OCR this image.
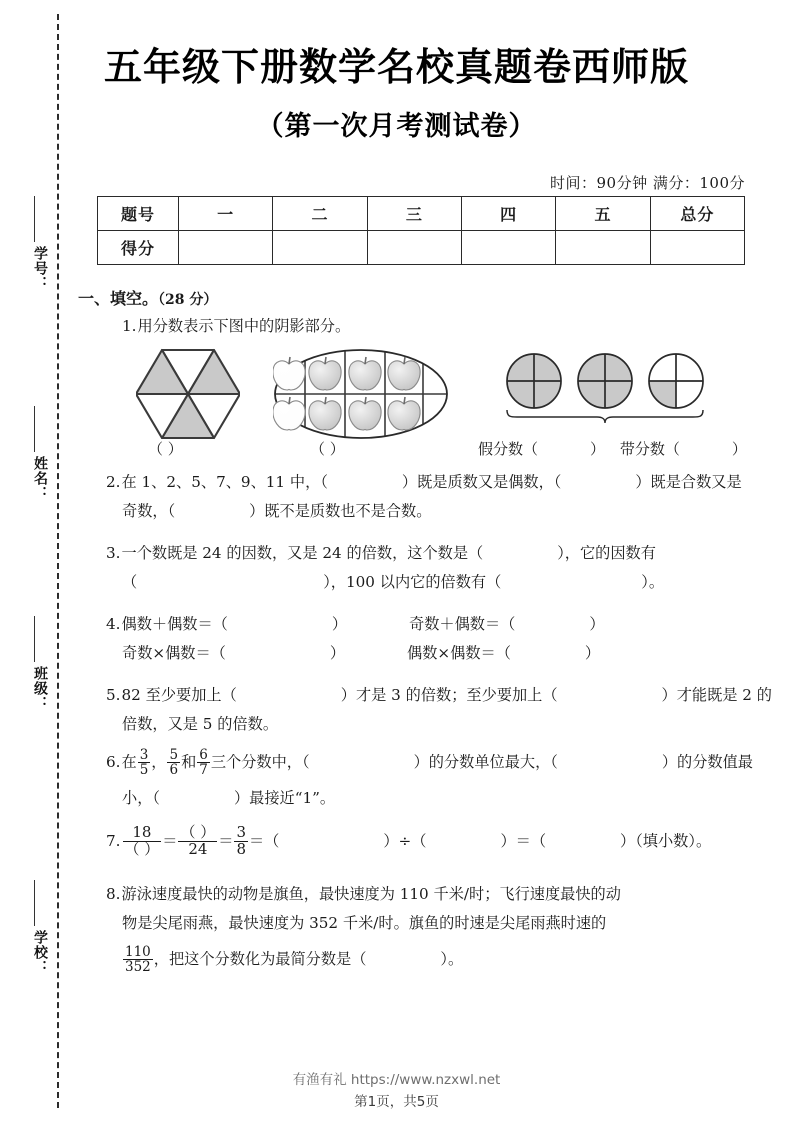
学号：
姓名：
班级：
学校：
五年级下册数学名校真题卷西师版
（第一次月考测试卷）
时间：90分钟 满分：100分
题号	一	二	三	四	五	总分
得分						
一、填空。（28 分）
1.用分数表示下图中的阴影部分。
（ ）	（ ）	假分数（	） 带分数（	）
2.在 1、2、5、7、9、11 中，（	）既是质数又是偶数，（	）既是合数又是
奇数，（	）既不是质数也不是合数。
3.一个数既是 24 的因数，又是 24 的倍数，这个数是（	），它的因数有
（	），100 以内它的倍数有（	）。
4.偶数＋偶数＝（	）	奇数＋偶数＝（	）
奇数×偶数＝（	）	偶数×偶数＝（	）
5.82 至少要加上（	）才是 3 的倍数；至少要加上（	）才能既是 2 的
倍数，又是 5 的倍数。
6.在 $\frac{3}{5}$ ， $\frac{5}{6}$ 和 $\frac{6}{7}$ 三个分数中，（	）的分数单位最大，（	）的分数值最
小，（	）最接近“1”。
7. $\frac{18}{( )} = \frac{( )}{24} = \frac{3}{8}$ ＝（	）÷（	）＝（	）（填小数）。
8.游泳速度最快的动物是旗鱼，最快速度为 110 千米/时；飞行速度最快的动
物是尖尾雨燕，最快速度为 352 千米/时。旗鱼的时速是尖尾雨燕时速的
$\frac{110}{352}$ ，把这个分数化为最简分数是（	）。
有渔有礼 https://www.nzxwl.net
第1页，共5页
